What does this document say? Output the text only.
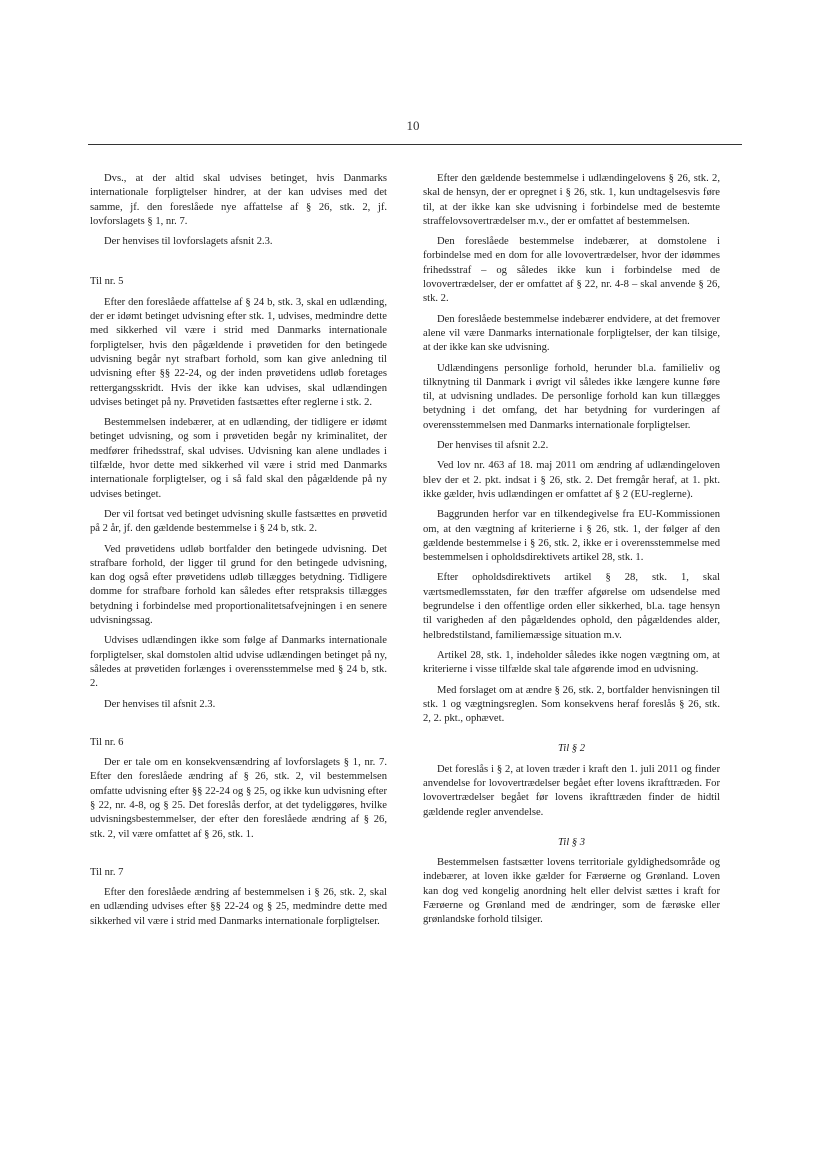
10

Dvs., at der altid skal udvises betinget, hvis Danmarks internationale forpligtelser hindrer, at der kan udvises med det samme, jf. den foreslåede nye affattelse af § 26, stk. 2, jf. lovforslagets § 1, nr. 7.

Der henvises til lovforslagets afsnit 2.3.

Til nr. 5

Efter den foreslåede affattelse af § 24 b, stk. 3, skal en udlænding, der er idømt betinget udvisning efter stk. 1, udvises, medmindre dette med sikkerhed vil være i strid med Danmarks internationale forpligtelser, hvis den pågældende i prøvetiden for den betingede udvisning begår nyt strafbart forhold, som kan give anledning til udvisning efter §§ 22-24, og der inden prøvetidens udløb foretages rettergangsskridt. Hvis der ikke kan udvises, skal udlændingen udvises betinget på ny. Prøvetiden fastsættes efter reglerne i stk. 2.

Bestemmelsen indebærer, at en udlænding, der tidligere er idømt betinget udvisning, og som i prøvetiden begår ny kriminalitet, der medfører frihedsstraf, skal udvises. Udvisning kan alene undlades i tilfælde, hvor dette med sikkerhed vil være i strid med Danmarks internationale forpligtelser, og i så fald skal den pågældende på ny udvises betinget.

Der vil fortsat ved betinget udvisning skulle fastsættes en prøvetid på 2 år, jf. den gældende bestemmelse i § 24 b, stk. 2.

Ved prøvetidens udløb bortfalder den betingede udvisning. Det strafbare forhold, der ligger til grund for den betingede udvisning, kan dog også efter prøvetidens udløb tillægges betydning. Tidligere domme for strafbare forhold kan således efter retspraksis tillægges betydning i forbindelse med proportionalitetsafvejningen i en senere udvisningssag.

Udvises udlændingen ikke som følge af Danmarks internationale forpligtelser, skal domstolen altid udvise udlændingen betinget på ny, således at prøvetiden forlænges i overensstemmelse med § 24 b, stk. 2.

Der henvises til afsnit 2.3.

Til nr. 6

Der er tale om en konsekvensændring af lovforslagets § 1, nr. 7. Efter den foreslåede ændring af § 26, stk. 2, vil bestemmelsen omfatte udvisning efter §§ 22-24 og § 25, og ikke kun udvisning efter § 22, nr. 4-8, og § 25. Det foreslås derfor, at det tydeliggøres, hvilke udvisningsbestemmelser, der efter den foreslåede ændring af § 26, stk. 2, vil være omfattet af § 26, stk. 1.

Til nr. 7

Efter den foreslåede ændring af bestemmelsen i § 26, stk. 2, skal en udlænding udvises efter §§ 22-24 og § 25, medmindre dette med sikkerhed vil være i strid med Danmarks internationale forpligtelser.

Efter den gældende bestemmelse i udlændingelovens § 26, stk. 2, skal de hensyn, der er opregnet i § 26, stk. 1, kun undtagelsesvis føre til, at der ikke kan ske udvisning i forbindelse med de bestemte straffelovsovertrædelser m.v., der er omfattet af bestemmelsen.

Den foreslåede bestemmelse indebærer, at domstolene i forbindelse med en dom for alle lovovertrædelser, hvor der idømmes frihedsstraf – og således ikke kun i forbindelse med de lovovertrædelser, der er omfattet af § 22, nr. 4-8 – skal anvende § 26, stk. 2.

Den foreslåede bestemmelse indebærer endvidere, at det fremover alene vil være Danmarks internationale forpligtelser, der kan tilsige, at der ikke kan ske udvisning.

Udlændingens personlige forhold, herunder bl.a. familieliv og tilknytning til Danmark i øvrigt vil således ikke længere kunne føre til, at udvisning undlades. De personlige forhold kan kun tillægges betydning i det omfang, det har betydning for vurderingen af overensstemmelsen med Danmarks internationale forpligtelser.

Der henvises til afsnit 2.2.

Ved lov nr. 463 af 18. maj 2011 om ændring af udlændingeloven blev der et 2. pkt. indsat i § 26, stk. 2. Det fremgår heraf, at 1. pkt. ikke gælder, hvis udlændingen er omfattet af § 2 (EU-reglerne).

Baggrunden herfor var en tilkendegivelse fra EU-Kommissionen om, at den vægtning af kriterierne i § 26, stk. 1, der følger af den gældende bestemmelse i § 26, stk. 2, ikke er i overensstemmelse med bestemmelsen i opholdsdirektivets artikel 28, stk. 1.

Efter opholdsdirektivets artikel § 28, stk. 1, skal værtsmedlemsstaten, før den træffer afgørelse om udsendelse med begrundelse i den offentlige orden eller sikkerhed, bl.a. tage hensyn til varigheden af den pågældendes ophold, den pågældendes alder, helbredstilstand, familiemæssige situation m.v.

Artikel 28, stk. 1, indeholder således ikke nogen vægtning om, at kriterierne i visse tilfælde skal tale afgørende imod en udvisning.

Med forslaget om at ændre § 26, stk. 2, bortfalder henvisningen til stk. 1 og vægtningsreglen. Som konsekvens heraf foreslås § 26, stk. 2, 2. pkt., ophævet.

Til § 2

Det foreslås i § 2, at loven træder i kraft den 1. juli 2011 og finder anvendelse for lovovertrædelser begået efter lovens ikrafttræden. For lovovertrædelser begået før lovens ikrafttræden finder de hidtil gældende regler anvendelse.

Til § 3

Bestemmelsen fastsætter lovens territoriale gyldighedsområde og indebærer, at loven ikke gælder for Færøerne og Grønland. Loven kan dog ved kongelig anordning helt eller delvist sættes i kraft for Færøerne og Grønland med de ændringer, som de færøske eller grønlandske forhold tilsiger.
